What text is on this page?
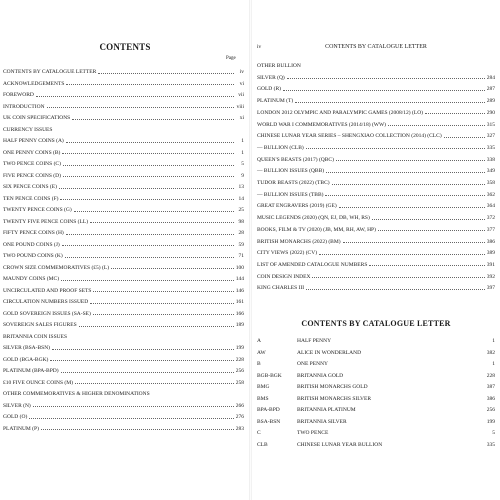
CONTENTS
Page
CONTENTS BY CATALOGUE LETTER	iv
ACKNOWLEDGEMENTS	vi
FOREWORD	vii
INTRODUCTION	viii
UK COIN SPECIFICATIONS	xi
CURRENCY ISSUES
HALF PENNY COINS (A)	1
ONE PENNY COINS (B)	1
TWO PENCE COINS (C)	5
FIVE PENCE COINS (D)	9
SIX PENCE COINS (E)	13
TEN PENCE COINS (F)	14
TWENTY PENCE COINS (G)	25
TWENTY FIVE PENCE COINS (LL)	98
FIFTY PENCE COINS (H)	28
ONE POUND COINS (J)	59
TWO POUND COINS (K)	71
CROWN SIZE COMMEMORATIVES (£5) (L)	100
MAUNDY COINS (MC)	144
UNCIRCULATED AND PROOF SETS	146
CIRCULATION NUMBERS ISSUED	161
GOLD SOVEREIGN ISSUES (SA-SE)	166
SOVEREIGN SALES FIGURES	189
BRITANNIA COIN ISSUES
SILVER (BSA-BSN)	199
GOLD (BGA-BGK)	228
PLATINUM (BPA-BPD)	256
£10 FIVE OUNCE COINS (M)	258
OTHER COMMEMORATIVES & HIGHER DENOMINATIONS
SILVER (N)	266
GOLD (O)	276
PLATINUM (P)	283
iv	CONTENTS BY CATALOGUE LETTER
OTHER BULLION
SILVER (Q)	284
GOLD (R)	287
PLATINUM (T)	289
LONDON 2012 OLYMPIC AND PARALYMPIC GAMES (2008/12) (LO)	290
WORLD WAR I COMMEMORATIVES (2014/18) (WW)	315
CHINESE LUNAR YEAR SERIES – SHENGXIAO COLLECTION (2014) (CLC)	327
— BULLION (CLB)	335
QUEEN'S BEASTS (2017) (QBC)	338
— BULLION ISSUES (QBB)	349
TUDOR BEASTS (2022) (TBC)	358
— BULLION ISSUES (TBB)	362
GREAT ENGRAVERS (2019) (GE)	364
MUSIC LEGENDS (2020) (QN, EJ, DB, WH, RS)	372
BOOKS, FILM & TV (2020) (JB, MM, RH, AW, HP)	377
BRITISH MONARCHS (2022) (BM)	386
CITY VIEWS (2022) (CV)	389
LIST OF AMENDED CATALOGUE NUMBERS	391
COIN DESIGN INDEX	392
KING CHARLES III	397
CONTENTS BY CATALOGUE LETTER
A	HALF PENNY	1
AW	ALICE IN WONDERLAND	382
B	ONE PENNY	1
BGB-BGK	BRITANNIA GOLD	228
BMG	BRITISH MONARCHS GOLD	387
BMS	BRITISH MONARCHS SILVER	386
BPA-BPD	BRITANNIA PLATINUM	256
BSA-BSN	BRITANNIA SILVER	199
C	TWO PENCE	5
CLB	CHINESE LUNAR YEAR BULLION	335
